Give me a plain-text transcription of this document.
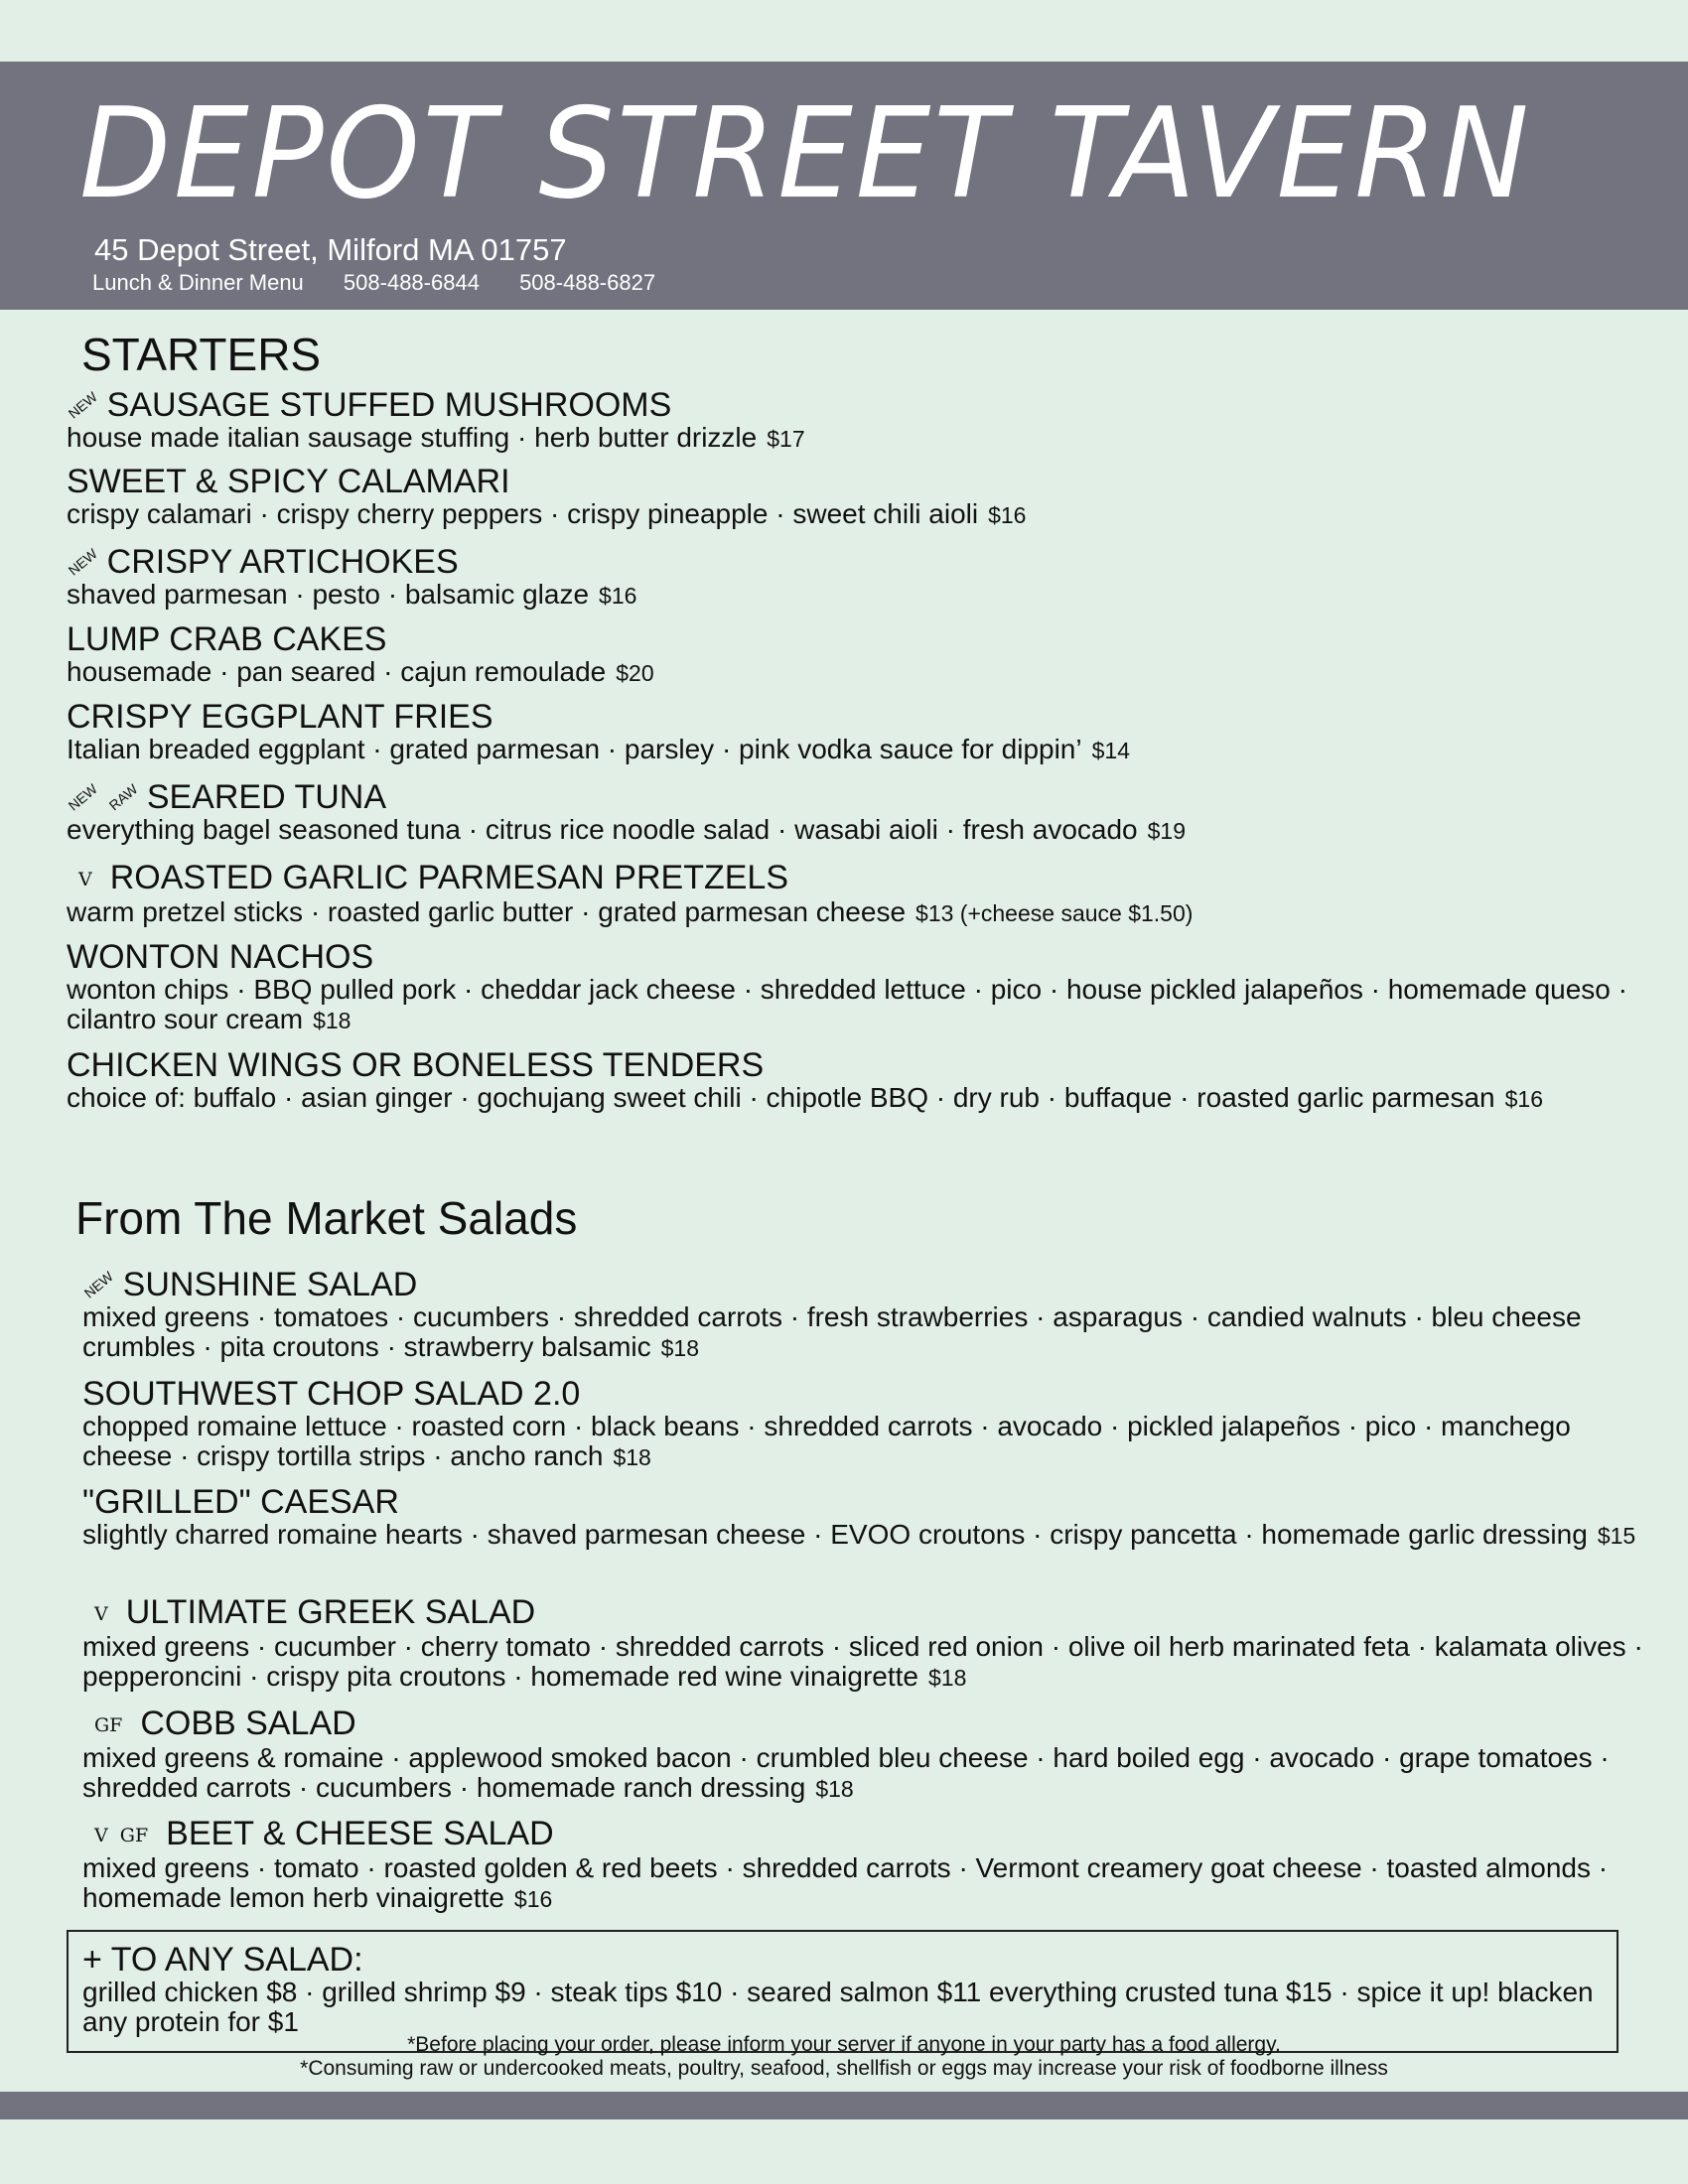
DEPOT STREET TAVERN
45 Depot Street, Milford MA 01757
Lunch & Dinner Menu 508-488-6844 508-488-6827
STARTERS
NEW SAUSAGE STUFFED MUSHROOMS
house made italian sausage stuffing · herb butter drizzle $17
SWEET & SPICY CALAMARI
crispy calamari · crispy cherry peppers · crispy pineapple · sweet chili aioli $16
NEW CRISPY ARTICHOKES
shaved parmesan · pesto · balsamic glaze $16
LUMP CRAB CAKES
housemade · pan seared · cajun remoulade $20
CRISPY EGGPLANT FRIES
Italian breaded eggplant · grated parmesan · parsley · pink vodka sauce for dippin’ $14
NEW RAW SEARED TUNA
everything bagel seasoned tuna · citrus rice noodle salad · wasabi aioli · fresh avocado $19
V ROASTED GARLIC PARMESAN PRETZELS
warm pretzel sticks · roasted garlic butter · grated parmesan cheese $13 (+cheese sauce $1.50)
WONTON NACHOS
wonton chips · BBQ pulled pork · cheddar jack cheese · shredded lettuce · pico · house pickled jalapeños · homemade queso · cilantro sour cream $18
CHICKEN WINGS OR BONELESS TENDERS
choice of: buffalo · asian ginger · gochujang sweet chili · chipotle BBQ · dry rub · buffaque · roasted garlic parmesan $16
From The Market Salads
NEW SUNSHINE SALAD
mixed greens · tomatoes · cucumbers · shredded carrots · fresh strawberries · asparagus · candied walnuts · bleu cheese crumbles · pita croutons · strawberry balsamic $18
SOUTHWEST CHOP SALAD 2.0
chopped romaine lettuce · roasted corn · black beans · shredded carrots · avocado · pickled jalapeños · pico · manchego cheese · crispy tortilla strips · ancho ranch $18
"GRILLED" CAESAR
slightly charred romaine hearts · shaved parmesan cheese · EVOO croutons · crispy pancetta · homemade garlic dressing $15
V ULTIMATE GREEK SALAD
mixed greens · cucumber · cherry tomato · shredded carrots · sliced red onion · olive oil herb marinated feta · kalamata olives · pepperoncini · crispy pita croutons · homemade red wine vinaigrette $18
GF COBB SALAD
mixed greens & romaine · applewood smoked bacon · crumbled bleu cheese · hard boiled egg · avocado · grape tomatoes · shredded carrots · cucumbers · homemade ranch dressing $18
V  GF BEET & CHEESE SALAD
mixed greens · tomato · roasted golden & red beets · shredded carrots · Vermont creamery goat cheese · toasted almonds · homemade lemon herb vinaigrette $16
+ TO ANY SALAD:
grilled chicken $8 · grilled shrimp $9 · steak tips $10 · seared salmon $11 everything crusted tuna $15 · spice it up! blacken any protein for $1
*Before placing your order, please inform your server if anyone in your party has a food allergy.
*Consuming raw or undercooked meats, poultry, seafood, shellfish or eggs may increase your risk of foodborne illness
